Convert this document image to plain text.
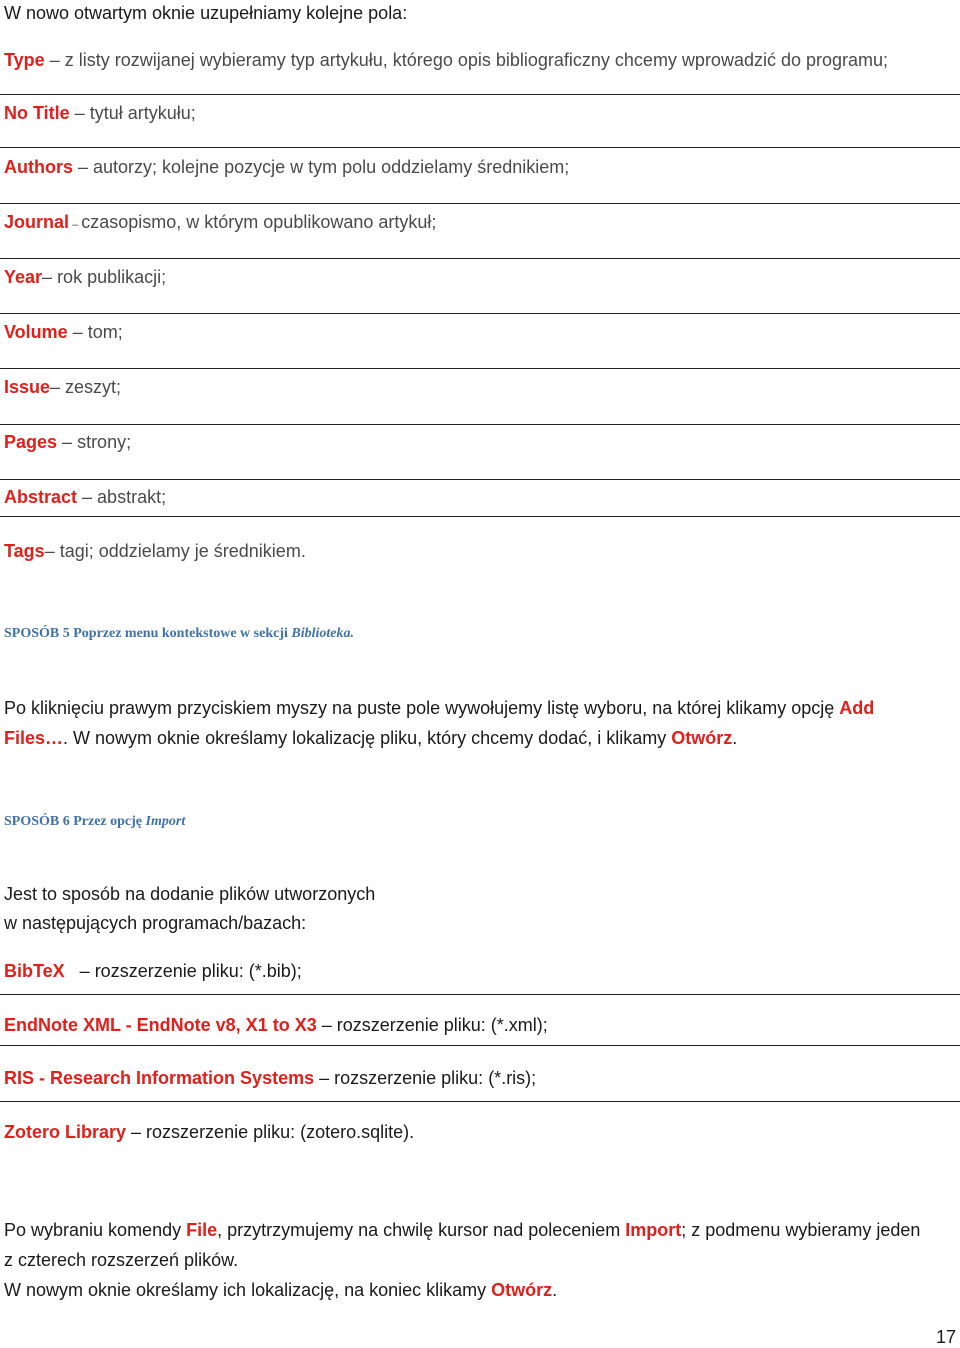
W nowo otwartym oknie uzupełniamy kolejne pola:
Type – z listy rozwijanej wybieramy typ artykułu, którego opis bibliograficzny chcemy wprowadzić do programu;
No Title – tytuł artykułu;
Authors – autorzy; kolejne pozycje w tym polu oddzielamy średnikiem;
Journal – czasopismo, w którym opublikowano artykuł;
Year– rok publikacji;
Volume – tom;
Issue– zeszyt;
Pages – strony;
Abstract – abstrakt;
Tags– tagi; oddzielamy je średnikiem.
SPOSÓB 5 Poprzez menu kontekstowe w sekcji Biblioteka.
Po kliknięciu prawym przyciskiem myszy na puste pole wywołujemy listę wyboru, na której klikamy opcję Add Files…. W nowym oknie określamy lokalizację pliku, który chcemy dodać, i klikamy Otwórz.
SPOSÓB 6 Przez opcję Import
Jest to sposób na dodanie plików utworzonych
w następujących programach/bazach:
BibTeX   – rozszerzenie pliku: (*.bib);
EndNote XML - EndNote v8, X1 to X3 – rozszerzenie pliku: (*.xml);
RIS - Research Information Systems – rozszerzenie pliku: (*.ris);
Zotero Library – rozszerzenie pliku: (zotero.sqlite).
Po wybraniu komendy File, przytrzymujemy na chwilę kursor nad poleceniem Import; z podmenu wybieramy jeden z czterech rozszerzeń plików.
W nowym oknie określamy ich lokalizację, na koniec klikamy Otwórz.
17
